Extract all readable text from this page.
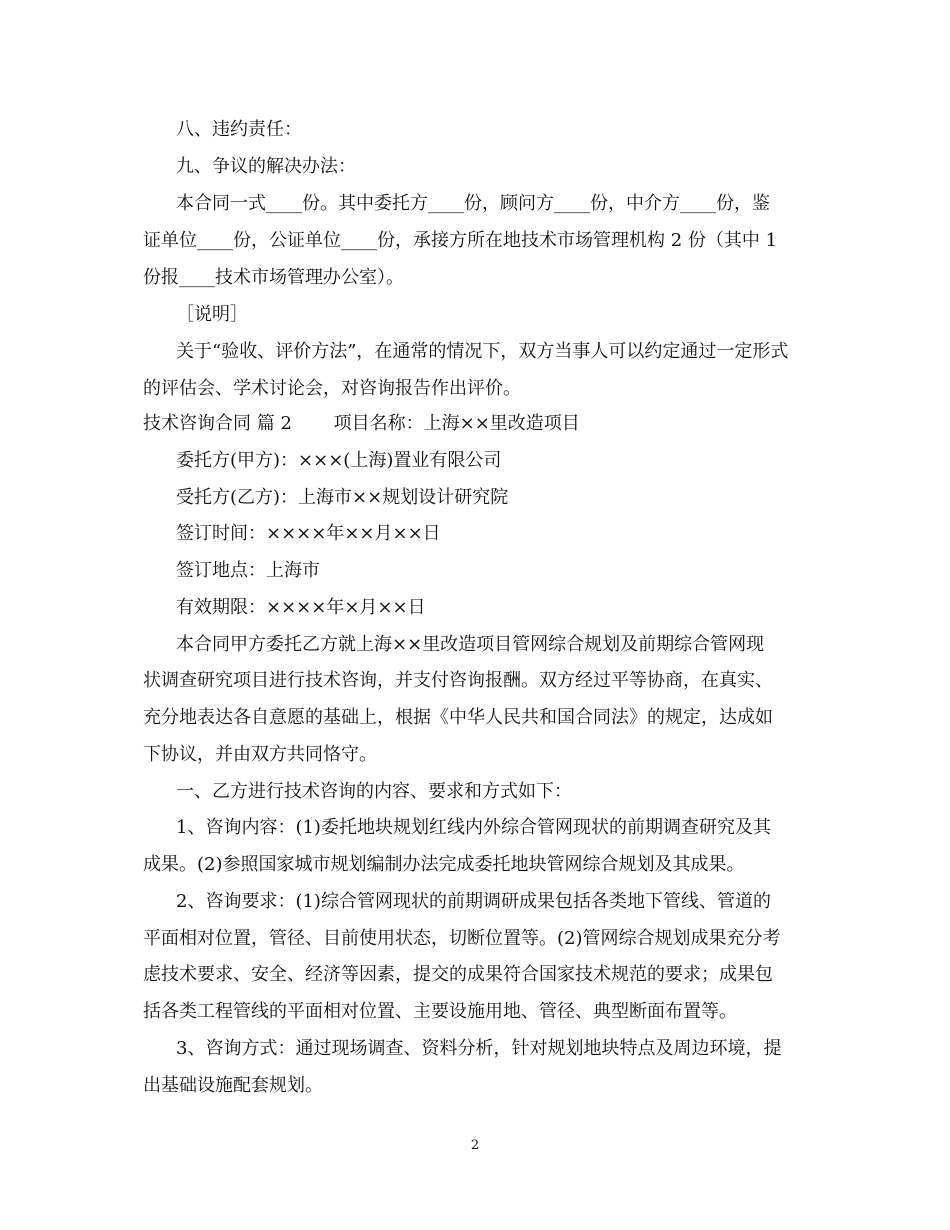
八、违约责任：
九、争议的解决办法：
本合同一式____份。其中委托方____份，顾问方____份，中介方____份，鉴
证单位____份，公证单位____份，承接方所在地技术市场管理机构 2 份（其中 1
份报____技术市场管理办公室）。
［说明］
关于“验收、评价方法”，在通常的情况下，双方当事人可以约定通过一定形式
的评估会、学术讨论会，对咨询报告作出评价。
技术咨询合同 篇 2　　 项目名称：上海××里改造项目
委托方(甲方)：×××(上海)置业有限公司
受托方(乙方)：上海市××规划设计研究院
签订时间：××××年××月××日
签订地点：上海市
有效期限：××××年×月××日
本合同甲方委托乙方就上海××里改造项目管网综合规划及前期综合管网现
状调查研究项目进行技术咨询，并支付咨询报酬。双方经过平等协商，在真实、
充分地表达各自意愿的基础上，根据《中华人民共和国合同法》的规定，达成如
下协议，并由双方共同恪守。
一、乙方进行技术咨询的内容、要求和方式如下：
1、咨询内容：(1)委托地块规划红线内外综合管网现状的前期调查研究及其
成果。(2)参照国家城市规划编制办法完成委托地块管网综合规划及其成果。
2、咨询要求：(1)综合管网现状的前期调研成果包括各类地下管线、管道的
平面相对位置，管径、目前使用状态，切断位置等。(2)管网综合规划成果充分考
虑技术要求、安全、经济等因素，提交的成果符合国家技术规范的要求；成果包
括各类工程管线的平面相对位置、主要设施用地、管径、典型断面布置等。
3、咨询方式：通过现场调查、资料分析，针对规划地块特点及周边环境，提
出基础设施配套规划。
2
